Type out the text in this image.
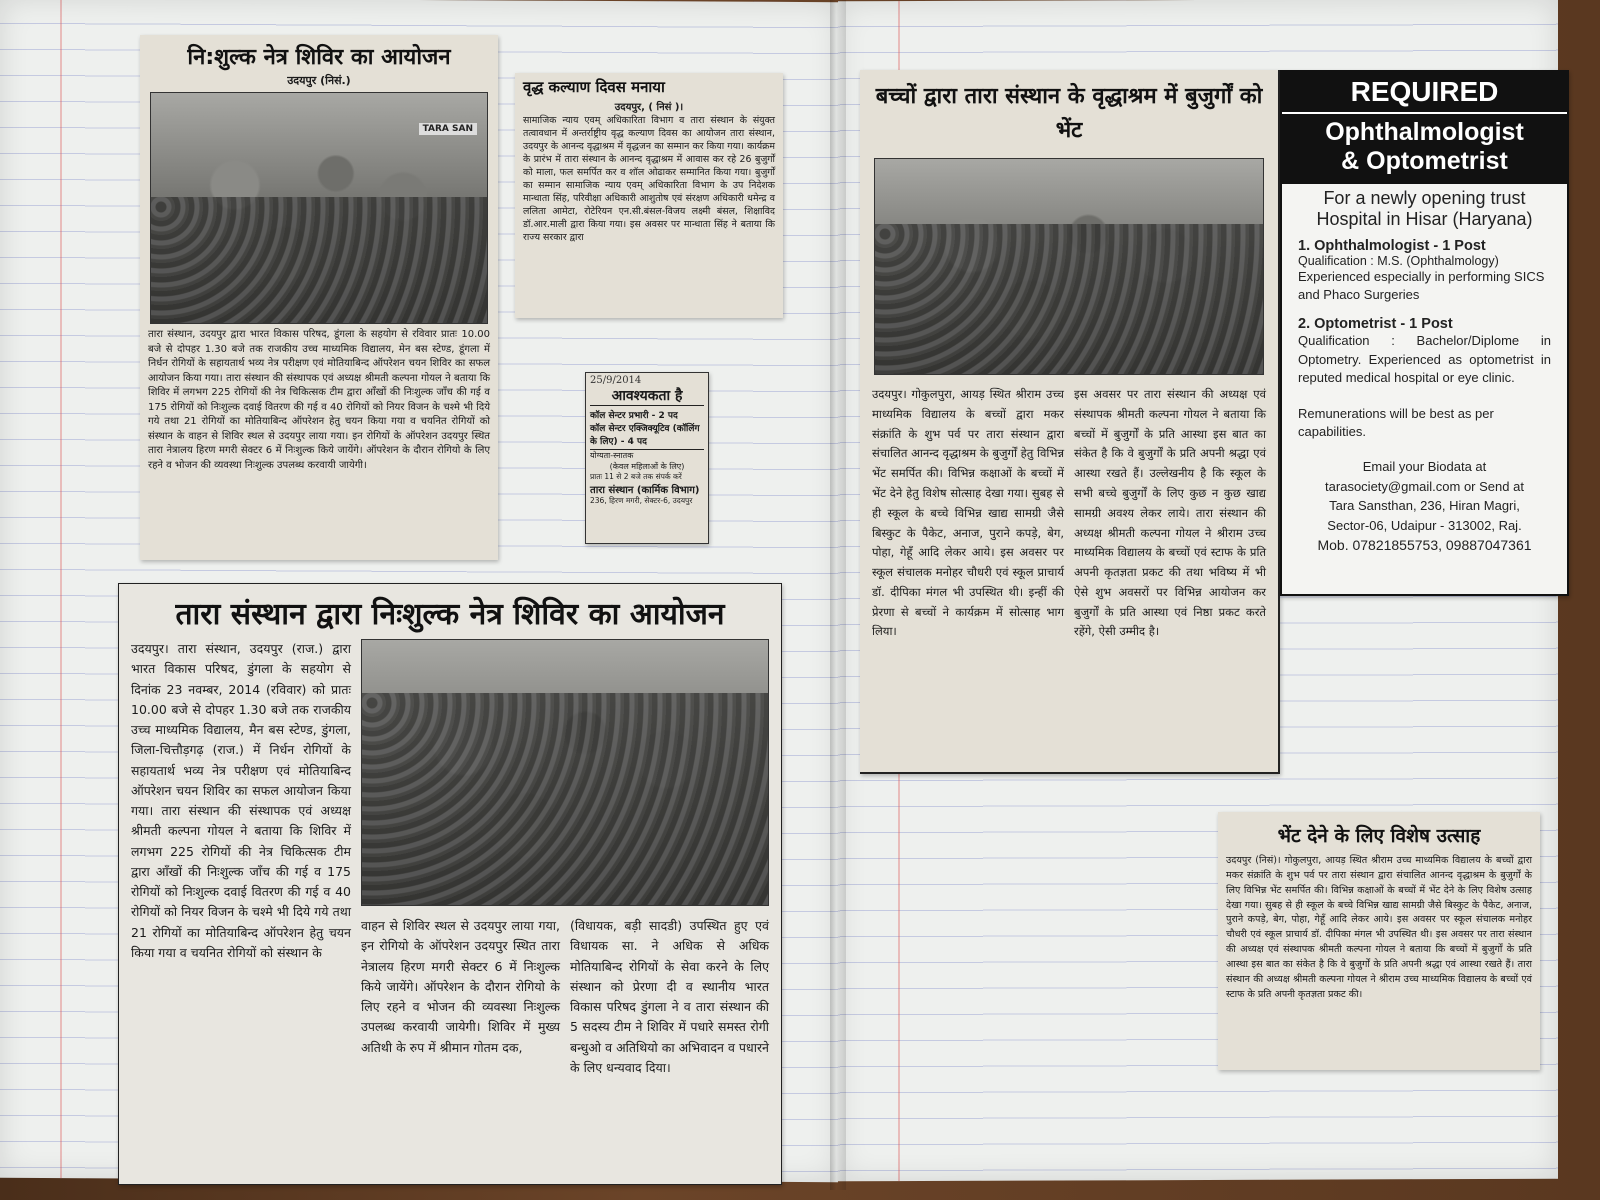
नि:शुल्क नेत्र शिविर का आयोजन
उदयपुर (निसं.)
TARA SAN
तारा संस्थान, उदयपुर द्वारा भारत विकास परिषद, डूंगला के सहयोग से रविवार प्रातः 10.00 बजे से दोपहर 1.30 बजे तक राजकीय उच्च माध्यमिक विद्यालय, मेन बस स्टेण्ड, डूंगला में निर्धन रोगियों के सहायतार्थ भव्य नेत्र परीक्षण एवं मोतियाबिन्द ऑपरेशन चयन शिविर का सफल आयोजन किया गया। तारा संस्थान की संस्थापक एवं अध्यक्ष श्रीमती कल्पना गोयल ने बताया कि शिविर में लगभग 225 रोगियों की नेत्र चिकित्सक टीम द्वारा आँखों की निःशुल्क जाँच की गई व 175 रोगियों को निःशुल्क दवाई वितरण की गई व 40 रोगियों को नियर विजन के चश्मे भी दिये गये तथा 21 रोगियों का मोतियाबिन्द ऑपरेशन हेतु चयन किया गया व चयनित रोगियों को संस्थान के वाहन से शिविर स्थल से उदयपुर लाया गया। इन रोगियों के ऑपरेशन उदयपुर स्थित तारा नेत्रालय हिरण मगरी सेक्टर 6 में निःशुल्क किये जायेंगे। ऑपरेशन के दौरान रोगियो के लिए रहने व भोजन की व्यवस्था निःशुल्क उपलब्ध करवायी जायेगी।
वृद्ध कल्याण दिवस मनाया
उदयपुर, ( निसं )।
सामाजिक न्याय एवम् अधिकारिता विभाग व तारा संस्थान के संयुक्त तत्वावधान में अन्तर्राष्ट्रीय वृद्ध कल्याण दिवस का आयोजन तारा संस्थान, उदयपुर के आनन्द वृद्धाश्रम में वृद्धजन का सम्मान कर किया गया। कार्यक्रम के प्रारंभ में तारा संस्थान के आनन्द वृद्धाश्रम में आवास कर रहे 26 बुजुर्गों को माला, फल समर्पित कर व शॉल ओढाकर सम्मानित किया गया। बुजुर्गों का सम्मान सामाजिक न्याय एवम् अधिकारिता विभाग के उप निदेशक मान्धाता सिंह, परिवीक्षा अधिकारी आशुतोष एवं संरक्षण अधिकारी धमेन्द्र व ललिता आमेटा, रोटेरियन एन.सी.बंसल-विजय लक्ष्मी बंसल, शिक्षाविद डॉ.आर.माली द्वारा किया गया। इस अवसर पर मान्धाता सिंह ने बताया कि राज्य सरकार द्वारा
25/9/2014
आवश्यकता है
कॉल सेन्टर प्रभारी - 2 पद
कॉल सेन्टर एक्जिक्यूटिव (कॉलिंग के लिए) - 4 पद
योग्यता-स्नातक
(केवल महिलाओं के लिए)
प्रातः 11 से 2 बजे तक संपर्क करें
तारा संस्थान (कार्मिक विभाग)
236, हिरण मगरी, सेक्टर-6, उदयपुर
तारा संस्थान द्वारा निःशुल्क नेत्र शिविर का आयोजन
उदयपुर। तारा संस्थान, उदयपुर (राज.) द्वारा भारत विकास परिषद, डुंगला के सहयोग से दिनांक 23 नवम्बर, 2014 (रविवार) को प्रातः 10.00 बजे से दोपहर 1.30 बजे तक राजकीय उच्च माध्यमिक विद्यालय, मैन बस स्टेण्ड, डुंगला, जिला-चित्तौड़गढ़ (राज.) में निर्धन रोगियों के सहायतार्थ भव्य नेत्र परीक्षण एवं मोतियाबिन्द ऑपरेशन चयन शिविर का सफल आयोजन किया गया। तारा संस्थान की संस्थापक एवं अध्यक्ष श्रीमती कल्पना गोयल ने बताया कि शिविर में लगभग 225 रोगियों की नेत्र चिकित्सक टीम द्वारा आँखों की निःशुल्क जाँच की गई व 175 रोगियों को निःशुल्क दवाई वितरण की गई व 40 रोगियों को नियर विजन के चश्मे भी दिये गये तथा 21 रोगियों का मोतियाबिन्द ऑपरेशन हेतु चयन किया गया व चयनित रोगियों को संस्थान के
वाहन से शिविर स्थल से उदयपुर लाया गया, इन रोगियो के ऑपरेशन उदयपुर स्थित तारा नेत्रालय हिरण मगरी सेक्टर 6 में निःशुल्क किये जायेंगे। ऑपरेशन के दौरान रोगियो के लिए रहने व भोजन की व्यवस्था निःशुल्क उपलब्ध करवायी जायेगी। शिविर में मुख्य अतिथी के रुप में श्रीमान गोतम दक,
(विधायक, बड़ी सादडी) उपस्थित हुए एवं विधायक सा. ने अधिक से अधिक मोतियाबिन्द रोगियों के सेवा करने के लिए संस्थान को प्रेरणा दी व स्थानीय भारत विकास परिषद डुंगला ने व तारा संस्थान की 5 सदस्य टीम ने शिविर में पधारे समस्त रोगी बन्धुओ व अतिथियो का अभिवादन व पधारने के लिए धन्यवाद दिया।
बच्चों द्वारा तारा संस्थान के वृद्धाश्रम में बुजुर्गों को भेंट
उदयपुर। गोकुलपुरा, आयड़ स्थित श्रीराम उच्च माध्यमिक विद्यालय के बच्चों द्वारा मकर संक्रांति के शुभ पर्व पर तारा संस्थान द्वारा संचालित आनन्द वृद्धाश्रम के बुजुर्गों हेतु विभिन्न भेंट समर्पित की। विभिन्न कक्षाओं के बच्चों में भेंट देने हेतु विशेष सोत्साह देखा गया। सुबह से ही स्कूल के बच्चे विभिन्न खाद्य सामग्री जैसे बिस्कुट के पैकेट, अनाज, पुराने कपड़े, बेग, पोहा, गेहूँ आदि लेकर आये। इस अवसर पर स्कूल संचालक मनोहर चौधरी एवं स्कूल प्राचार्य डॉ. दीपिका मंगल भी उपस्थित थी। इन्हीं की प्रेरणा से बच्चों ने कार्यक्रम में सोत्साह भाग लिया।
इस अवसर पर तारा संस्थान की अध्यक्ष एवं संस्थापक श्रीमती कल्पना गोयल ने बताया कि बच्चों में बुजुर्गों के प्रति आस्था इस बात का संकेत है कि वे बुजुर्गों के प्रति अपनी श्रद्धा एवं आस्था रखते हैं। उल्लेखनीय है कि स्कूल के सभी बच्चे बुजुर्गों के लिए कुछ न कुछ खाद्य सामग्री अवश्य लेकर लाये। तारा संस्थान की अध्यक्ष श्रीमती कल्पना गोयल ने श्रीराम उच्च माध्यमिक विद्यालय के बच्चों एवं स्टाफ के प्रति अपनी कृतज्ञता प्रकट की तथा भविष्य में भी ऐसे शुभ अवसरों पर विभिन्न आयोजन कर बुजुर्गों के प्रति आस्था एवं निष्ठा प्रकट करते रहेंगे, ऐसी उम्मीद है।
भेंट देने के लिए विशेष उत्साह
उदयपुर (निसं)। गोकुलपुरा, आयड़ स्थित श्रीराम उच्च माध्यमिक विद्यालय के बच्चों द्वारा मकर संक्रांति के शुभ पर्व पर तारा संस्थान द्वारा संचालित आनन्द वृद्धाश्रम के बुजुर्गों के लिए विभिन्न भेंट समर्पित की। विभिन्न कक्षाओं के बच्चों में भेंट देने के लिए विशेष उत्साह देखा गया। सुबह से ही स्कूल के बच्चे विभिन्न खाद्य सामग्री जैसे बिस्कुट के पैकेट, अनाज, पुराने कपड़े, बेग, पोहा, गेहूँ आदि लेकर आये। इस अवसर पर स्कूल संचालक मनोहर चौधरी एवं स्कूल प्राचार्य डॉ. दीपिका मंगल भी उपस्थित थी। इस अवसर पर तारा संस्थान की अध्यक्ष एवं संस्थापक श्रीमती कल्पना गोयल ने बताया कि बच्चों में बुजुर्गों के प्रति आस्था इस बात का संकेत है कि वे बुजुर्गों के प्रति अपनी श्रद्धा एवं आस्था रखते हैं। तारा संस्थान की अध्यक्ष श्रीमती कल्पना गोयल ने श्रीराम उच्च माध्यमिक विद्यालय के बच्चों एवं स्टाफ के प्रति अपनी कृतज्ञता प्रकट की।
REQUIRED
Ophthalmologist
& Optometrist
For a newly opening trust
Hospital in Hisar (Haryana)
1. Ophthalmologist - 1 Post
Qualification : M.S. (Ophthalmology)
Experienced especially in performing SICS and Phaco Surgeries
2. Optometrist - 1 Post
Qualification : Bachelor/Diplome in Optometry. Experienced as optometrist in reputed medical hospital or eye clinic.
Remunerations will be best as per capabilities.
Email your Biodata at
tarasociety@gmail.com or Send at
Tara Sansthan, 236, Hiran Magri,
Sector-06, Udaipur - 313002, Raj.
Mob. 07821855753, 09887047361
